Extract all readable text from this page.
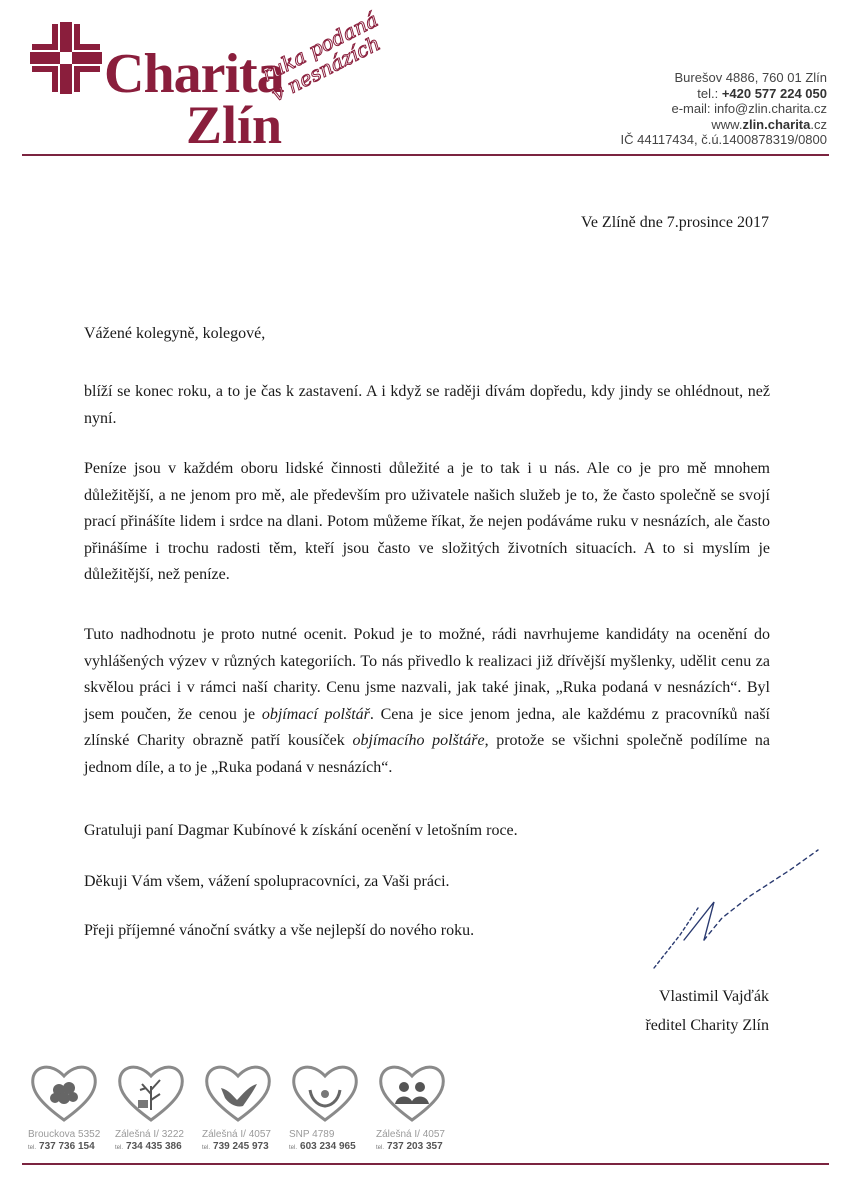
Charita
Zlín
ruka podaná
v nesnázích	Burešov 4886, 760 01 Zlín
tel.: +420 577 224 050
e-mail: info@zlin.charita.cz
www.zlin.charita.cz
IČ 44117434, č.ú.1400878319/0800
Ve Zlíně dne 7.prosince 2017
Vážené kolegyně, kolegové,

blíží se konec roku, a to je čas k zastavení. A i když se raději dívám dopředu, kdy jindy se ohlédnout, než nyní.

Peníze jsou v každém oboru lidské činnosti důležité a je to tak i u nás. Ale co je pro mě mnohem důležitější, a ne jenom pro mě, ale především pro uživatele našich služeb je to, že často společně se svojí prací přinášíte lidem i srdce na dlani. Potom můžeme říkat, že nejen podáváme ruku v nesnázích, ale často přinášíme i trochu radosti těm, kteří jsou často ve složitých životních situacích. A to si myslím je důležitější, než peníze.

Tuto nadhodnotu je proto nutné ocenit. Pokud je to možné, rádi navrhujeme kandidáty na ocenění do vyhlášených výzev v různých kategoriích. To nás přivedlo k realizaci již dřívější myšlenky, udělit cenu za skvělou práci i v rámci naší charity. Cenu jsme nazvali, jak také jinak, „Ruka podaná v nesnázích“. Byl jsem poučen, že cenou je objímací polštář. Cena je sice jenom jedna, ale každému z pracovníků naší zlínské Charity obrazně patří kousíček objímacího polštáře, protože se všichni společně podílíme na jednom díle, a to je „Ruka podaná v nesnázích“.

Gratuluji paní Dagmar Kubínové k získání ocenění v letošním roce.

Děkuji Vám všem, vážení spolupracovníci, za Vaši práci.

Přeji příjemné vánoční svátky a vše nejlepší do nového roku.

Vlastimil Vajďák
ředitel Charity Zlín
Brouckova 5352
tel. 737 736 154
Zálešná I/ 3222
tel. 734 435 386
Zálešná I/ 4057
tel. 739 245 973
SNP 4789
tel. 603 234 965
Zálešná I/ 4057
tel. 737 203 357
